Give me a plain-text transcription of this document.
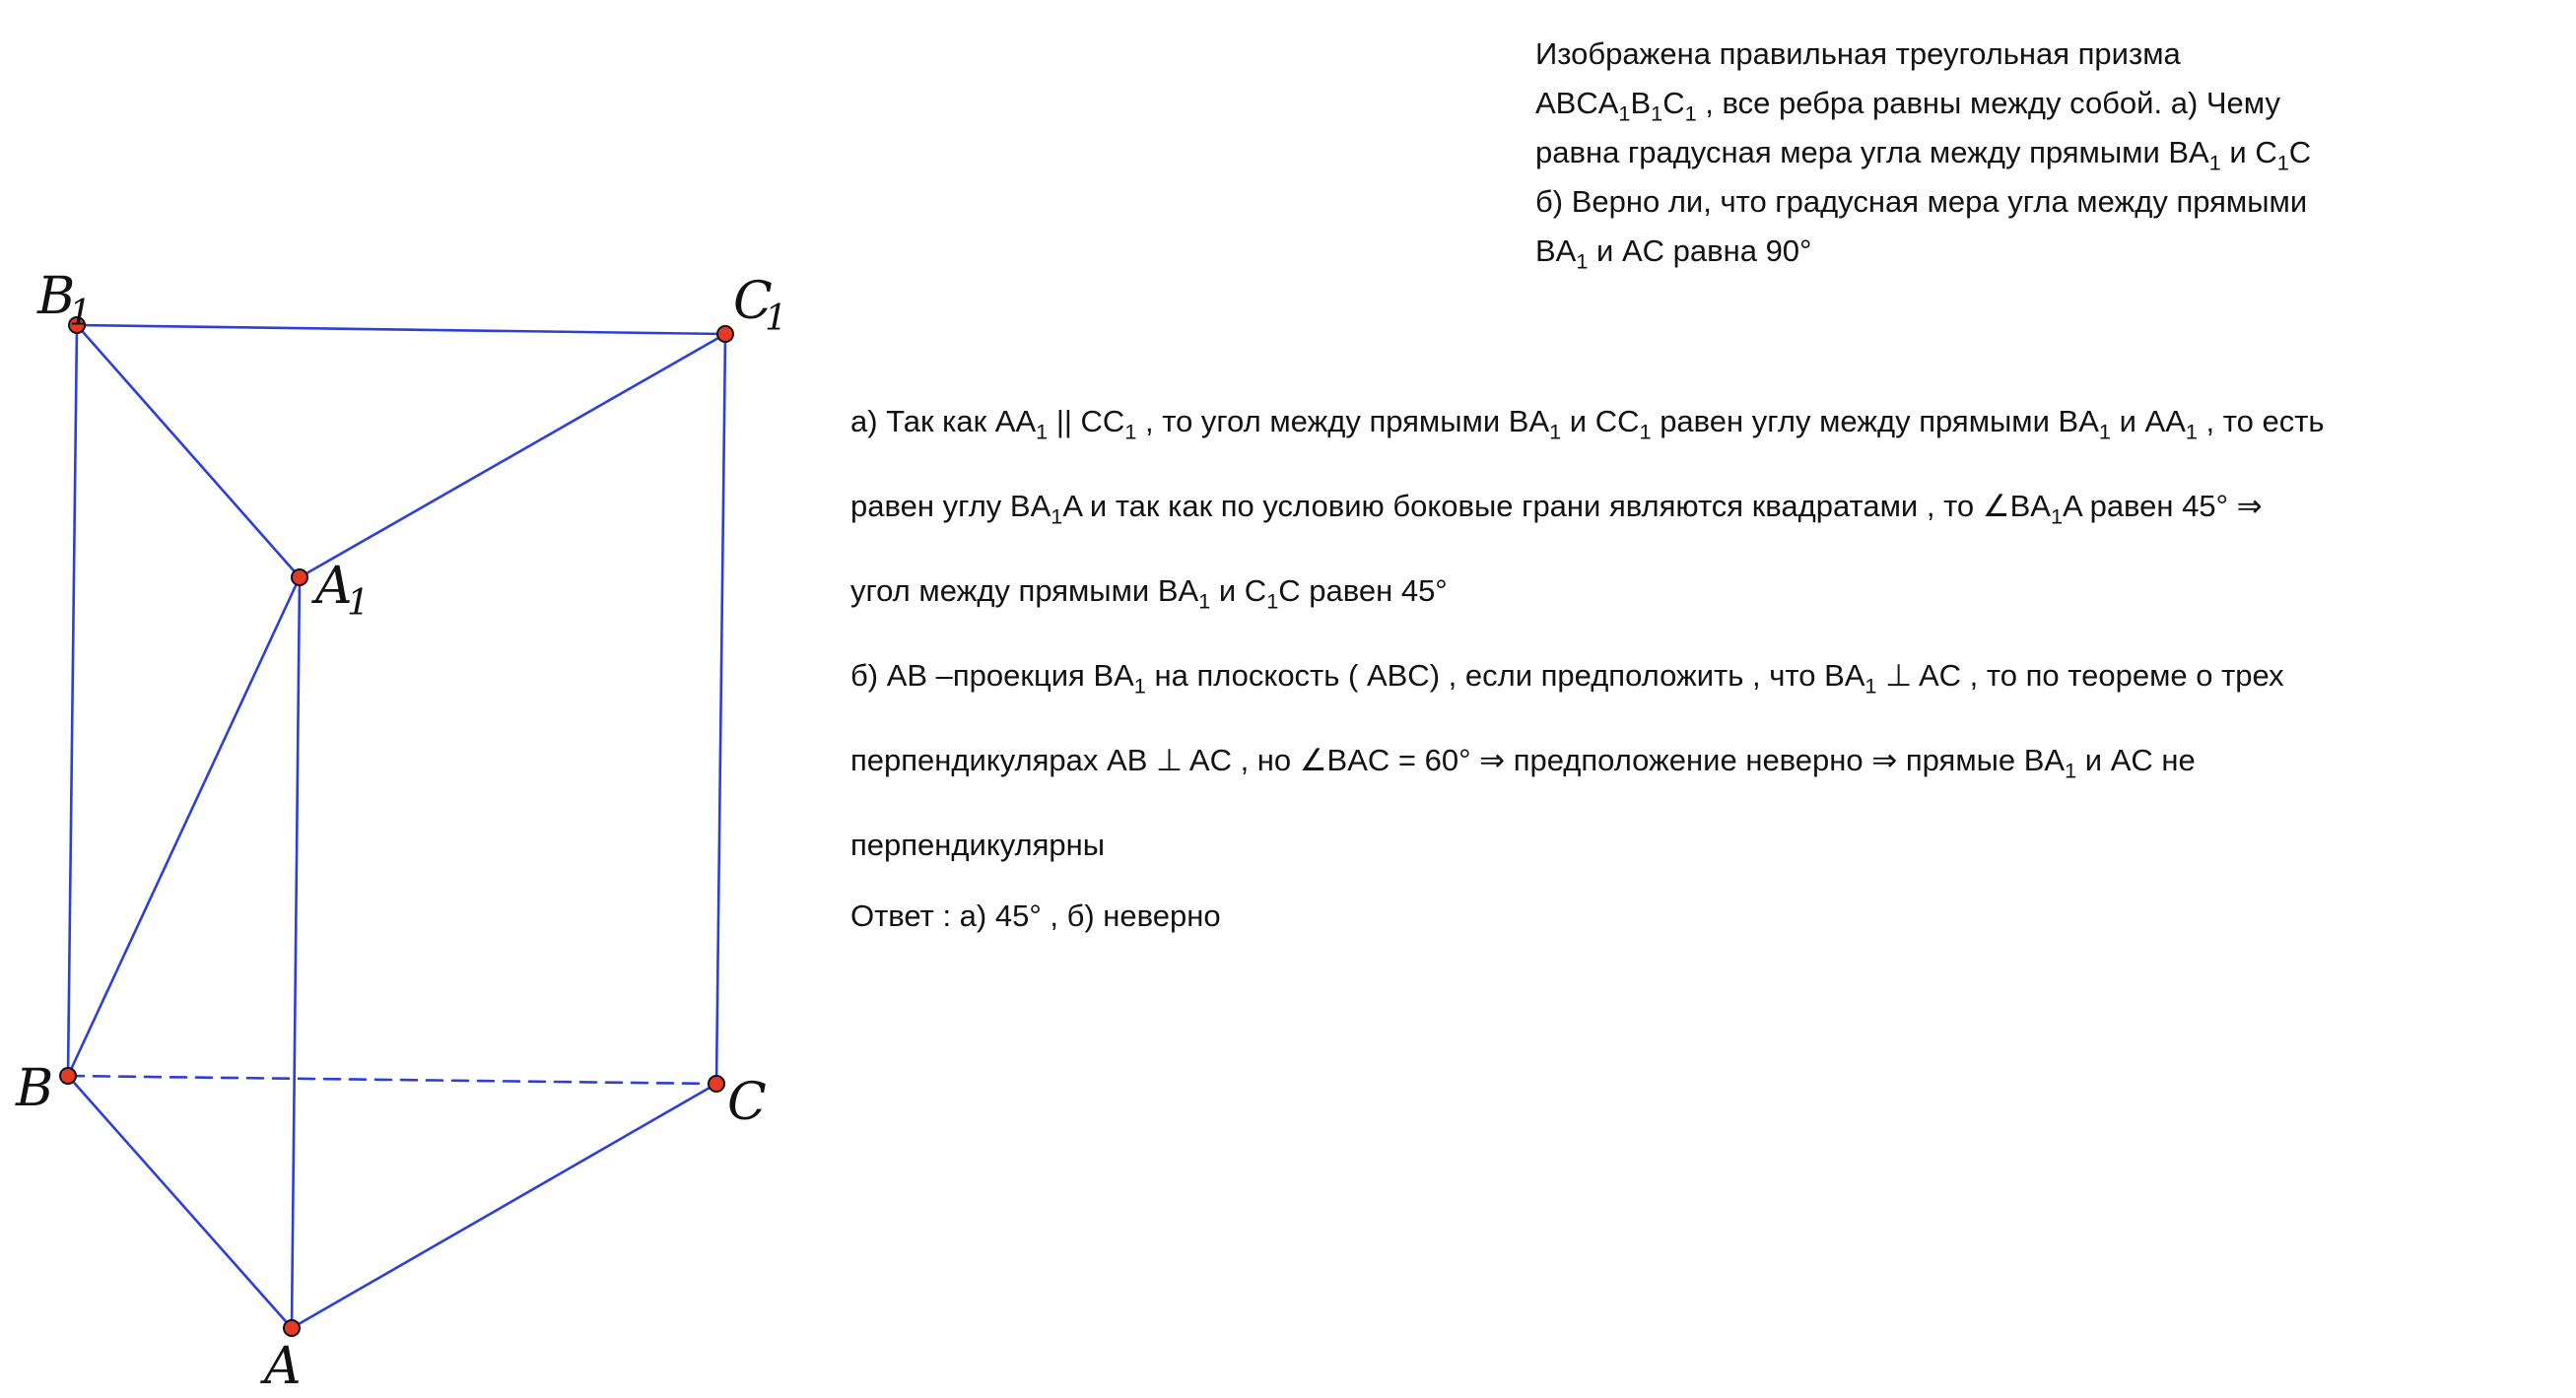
B1	C1
A1
B	C
A
Изображена правильная треугольная призма
$ABCA_1B_1C_1$ , все ребра равны между собой. а) Чему
равна градусная мера угла между прямыми $BA_1$ и $C_1C$
б) Верно ли, что градусная мера угла между прямыми
$BA_1$ и AC равна 90°
а) Так как $AA_1$ || $CC_1$ , то угол между прямыми $BA_1$ и $CC_1$ равен углу между прямыми $BA_1$ и $AA_1$ , то есть
равен углу $BA_1A$ и так как по условию боковые грани являются квадратами , то $\angle BA_1A$ равен 45° ⇒
угол между прямыми $BA_1$ и $C_1C$ равен 45°
б) AB –проекция $BA_1$ на плоскость ( ABC) , если предположить , что $BA_1$ ⊥ AC , то по теореме о трех
перпендикулярах AB ⊥ AC , но ∠BAC = 60° ⇒ предположение неверно ⇒ прямые $BA_1$ и AC не
перпендикулярны
Ответ : а) 45° , б) неверно
